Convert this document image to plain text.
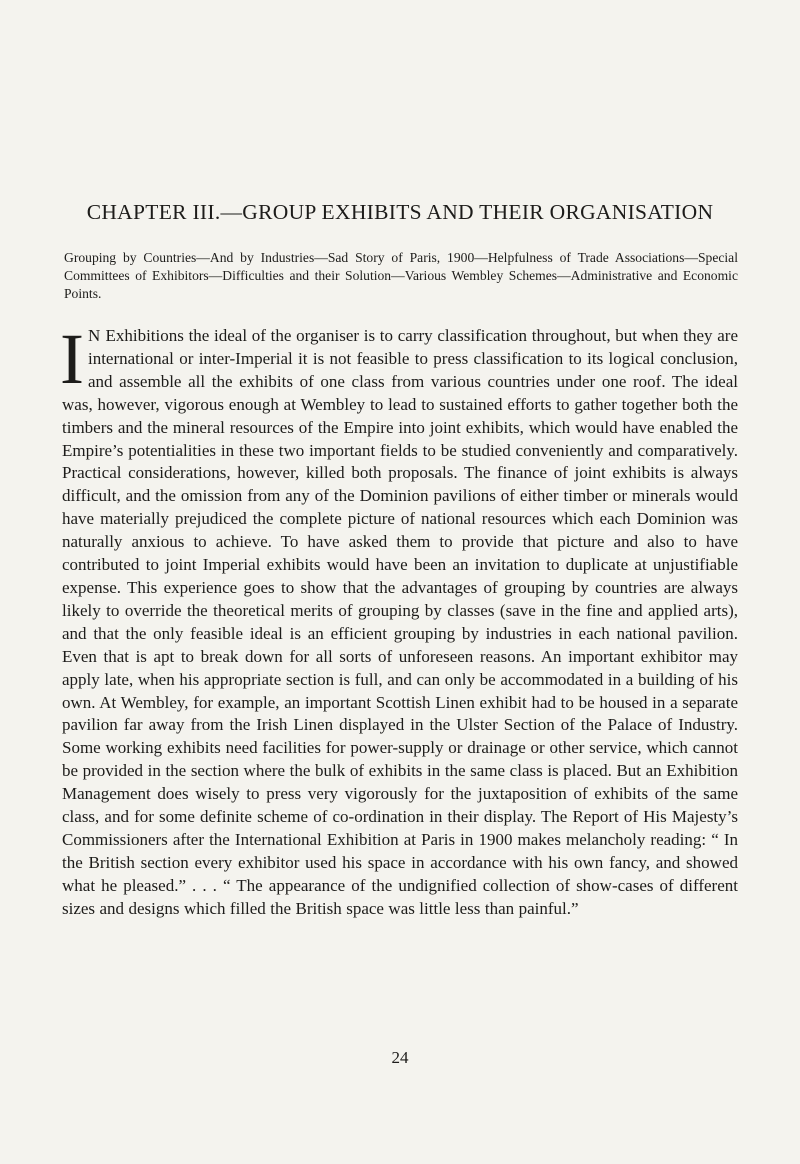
CHAPTER III.—GROUP EXHIBITS AND THEIR ORGANISATION

Grouping by Countries—And by Industries—Sad Story of Paris, 1900—Helpfulness of Trade Associations—Special Committees of Exhibitors—Difficulties and their Solution—Various Wembley Schemes—Administrative and Economic Points.

I N Exhibitions the ideal of the organiser is to carry classification throughout, but when they are international or inter-Imperial it is not feasible to press classification to its logical conclusion, and assemble all the exhibits of one class from various countries under one roof. The ideal was, however, vigorous enough at Wembley to lead to sustained efforts to gather together both the timbers and the mineral resources of the Empire into joint exhibits, which would have enabled the Empire’s potentialities in these two important fields to be studied conveniently and comparatively. Practical considerations, however, killed both proposals. The finance of joint exhibits is always difficult, and the omission from any of the Dominion pavilions of either timber or minerals would have materially prejudiced the complete picture of national resources which each Dominion was naturally anxious to achieve. To have asked them to provide that picture and also to have contributed to joint Imperial exhibits would have been an invitation to duplicate at unjustifiable expense. This experience goes to show that the advantages of grouping by countries are always likely to override the theoretical merits of grouping by classes (save in the fine and applied arts), and that the only feasible ideal is an efficient grouping by industries in each national pavilion. Even that is apt to break down for all sorts of unforeseen reasons. An important exhibitor may apply late, when his appropriate section is full, and can only be accommodated in a building of his own. At Wembley, for example, an important Scottish Linen exhibit had to be housed in a separate pavilion far away from the Irish Linen displayed in the Ulster Section of the Palace of Industry. Some working exhibits need facilities for power-supply or drainage or other service, which cannot be provided in the section where the bulk of exhibits in the same class is placed. But an Exhibition Management does wisely to press very vigorously for the juxtaposition of exhibits of the same class, and for some definite scheme of co-ordination in their display. The Report of His Majesty’s Commissioners after the International Exhibition at Paris in 1900 makes melancholy reading: “ In the British section every exhibitor used his space in accordance with his own fancy, and showed what he pleased.” . . . “ The appearance of the undignified collection of show-cases of different sizes and designs which filled the British space was little less than painful.”

24
